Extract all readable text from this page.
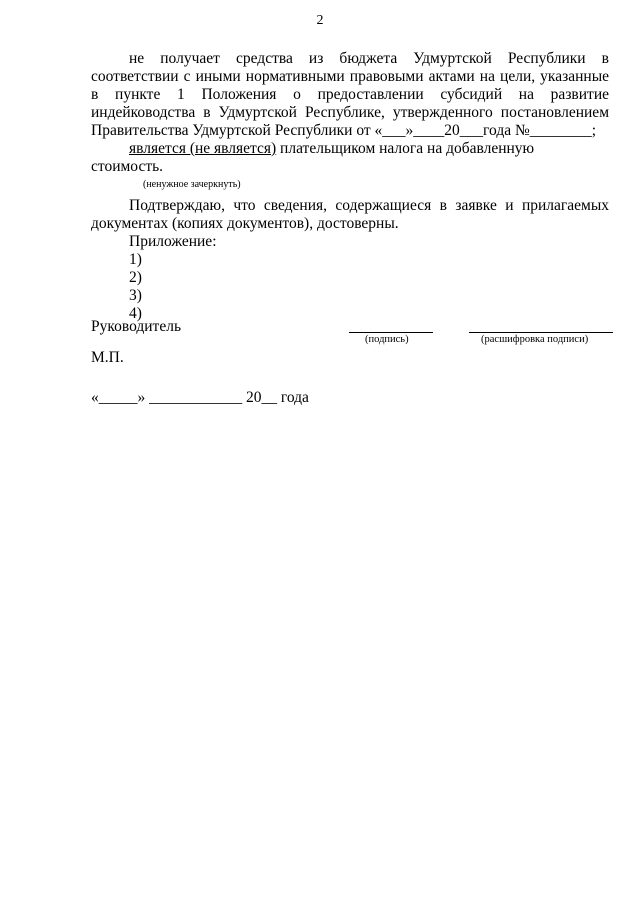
2

не получает средства из бюджета Удмуртской Республики в соответствии с иными нормативными правовыми актами на цели, указанные в пункте 1 Положения о предоставлении субсидий на развитие индейководства в Удмуртской Республике, утвержденного постановлением Правительства Удмуртской Республики от «___»____20___года №________;

является (не является) плательщиком налога на добавленную стоимость.

(ненужное зачеркнуть)

Подтверждаю, что сведения, содержащиеся в заявке и прилагаемых документах (копиях документов), достоверны.

Приложение:

1)

2)

3)

4)

Руководитель
(подпись)	(расшифровка подписи)
М.П.
«_____» ____________ 20__ года
